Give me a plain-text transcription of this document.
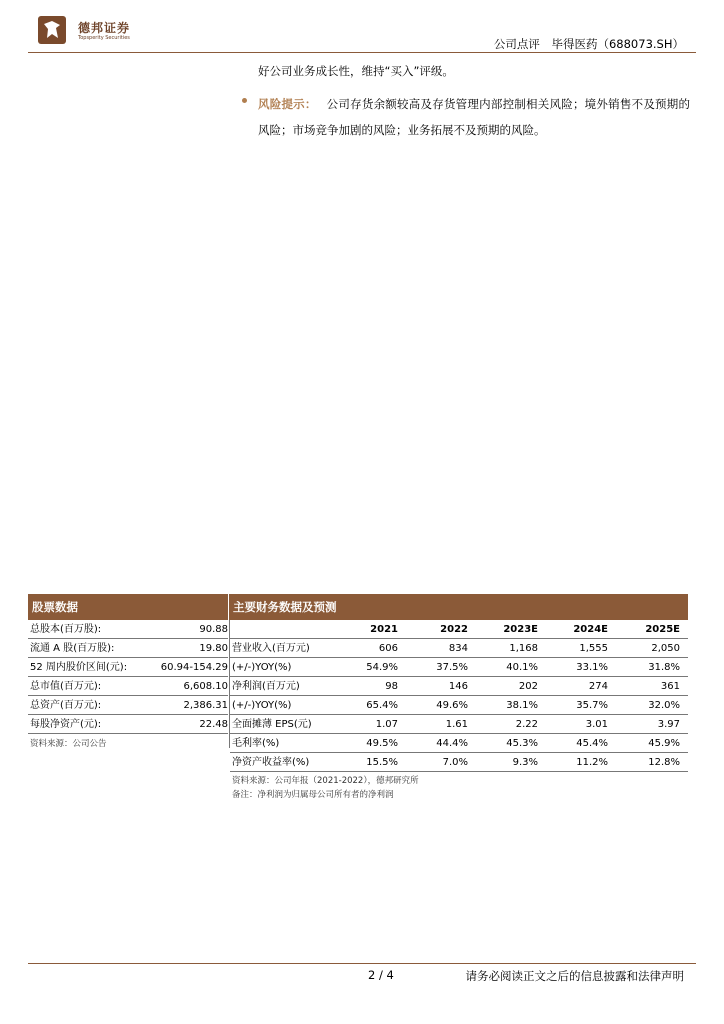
德邦证券
Topsperity Securities	公司点评 毕得医药（688073.SH）
好公司业务成长性，维持“买入”评级。
风险提示： 公司存货余额较高及存货管理内部控制相关风险；境外销售不及预期的风险；市场竞争加剧的风险；业务拓展不及预期的风险。
股票数据
总股本(百万股):	90.88
流通 A 股(百万股):	19.80
52 周内股价区间(元):	60.94-154.29
总市值(百万元):	6,608.10
总资产(百万元):	2,386.31
每股净资产(元):	22.48
资料来源：公司公告
主要财务数据及预测
2021	2022	2023E	2024E	2025E
营业收入(百万元)	606	834	1,168	1,555	2,050
(+/-)YOY(%)	54.9%	37.5%	40.1%	33.1%	31.8%
净利润(百万元)	98	146	202	274	361
(+/-)YOY(%)	65.4%	49.6%	38.1%	35.7%	32.0%
全面摊薄 EPS(元)	1.07	1.61	2.22	3.01	3.97
毛利率(%)	49.5%	44.4%	45.3%	45.4%	45.9%
净资产收益率(%)	15.5%	7.0%	9.3%	11.2%	12.8%
资料来源：公司年报（2021-2022），德邦研究所
备注：净利润为归属母公司所有者的净利润
2 / 4	请务必阅读正文之后的信息披露和法律声明
